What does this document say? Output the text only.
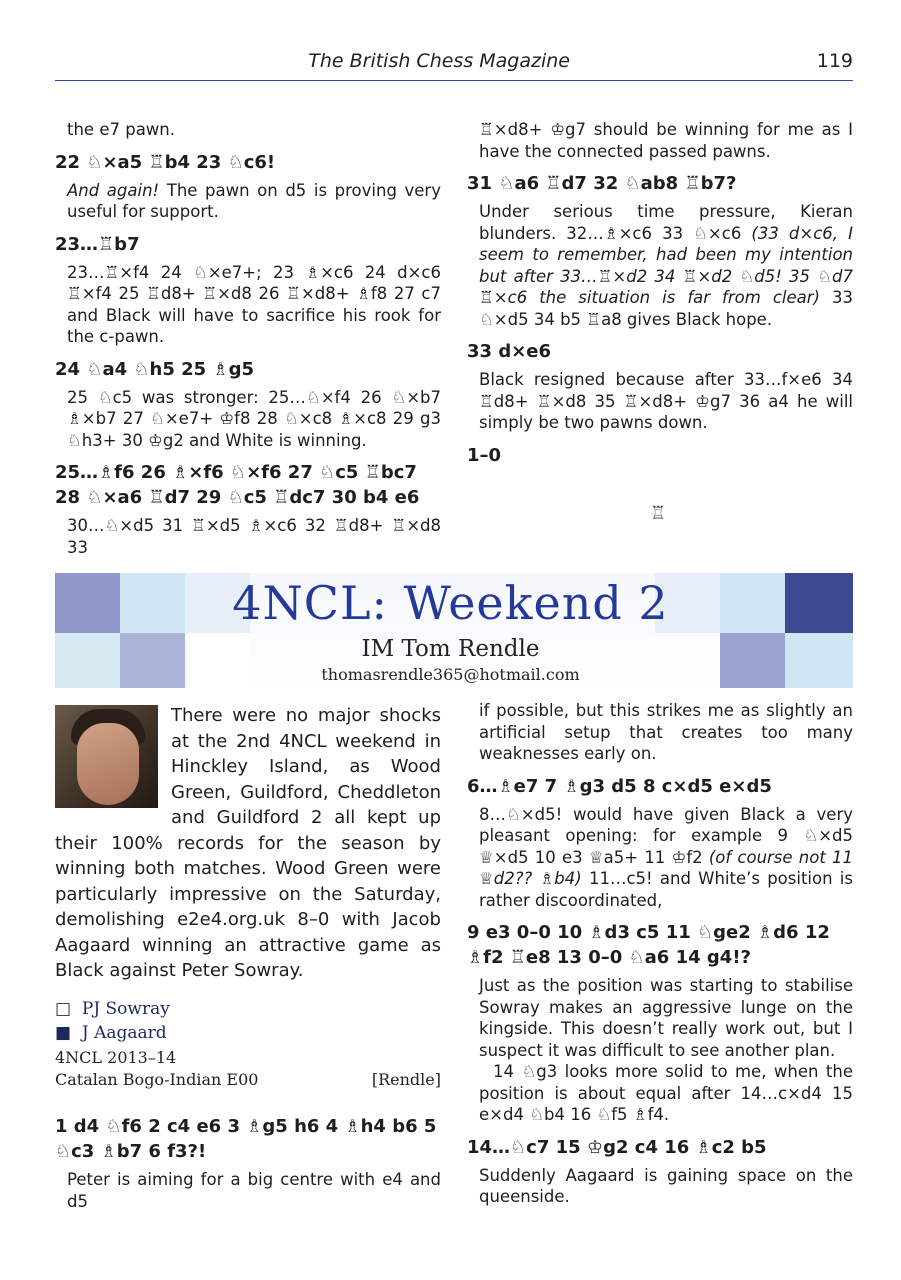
The British Chess Magazine	119

the e7 pawn.

22 ♘×a5 ♖b4 23 ♘c6!

And again! The pawn on d5 is proving very useful for support.

23…♖b7

23…♖×f4 24 ♘×e7+; 23 ♗×c6 24 d×c6 ♖×f4 25 ♖d8+ ♖×d8 26 ♖×d8+ ♗f8 27 c7 and Black will have to sacrifice his rook for the c-pawn.

24 ♘a4 ♘h5 25 ♗g5

25 ♘c5 was stronger: 25…♘×f4 26 ♘×b7 ♗×b7 27 ♘×e7+ ♔f8 28 ♘×c8 ♗×c8 29 g3 ♘h3+ 30 ♔g2 and White is winning.

25…♗f6 26 ♗×f6 ♘×f6 27 ♘c5 ♖bc7 28 ♘×a6 ♖d7 29 ♘c5 ♖dc7 30 b4 e6

30…♘×d5 31 ♖×d5 ♗×c6 32 ♖d8+ ♖×d8 33

♖×d8+ ♔g7 should be winning for me as I have the connected passed pawns.

31 ♘a6 ♖d7 32 ♘ab8 ♖b7?

Under serious time pressure, Kieran blunders. 32…♗×c6 33 ♘×c6 (33 d×c6, I seem to remember, had been my intention but after 33…♖×d2 34 ♖×d2 ♘d5! 35 ♘d7 ♖×c6 the situation is far from clear) 33 ♘×d5 34 b5 ♖a8 gives Black hope.

33 d×e6

Black resigned because after 33…f×e6 34 ♖d8+ ♖×d8 35 ♖×d8+ ♔g7 36 a4 he will simply be two pawns down.

1–0

♖
4NCL: Weekend 2
IM Tom Rendle
thomasrendle365@hotmail.com
There were no major shocks at the 2nd 4NCL weekend in Hinckley Island, as Wood Green, Guildford, Cheddleton and Guildford 2 all kept up their 100% records for the season by winning both matches. Wood Green were particularly impressive on the Saturday, demolishing e2e4.org.uk 8–0 with Jacob Aagaard winning an attractive game as Black against Peter Sowray.
□ PJ Sowray
■ J Aagaard
4NCL 2013–14
Catalan Bogo-Indian E00	[Rendle]

1 d4 ♘f6 2 c4 e6 3 ♗g5 h6 4 ♗h4 b6 5 ♘c3 ♗b7 6 f3?!

Peter is aiming for a big centre with e4 and d5

if possible, but this strikes me as slightly an artificial setup that creates too many weaknesses early on.

6…♗e7 7 ♗g3 d5 8 c×d5 e×d5

8…♘×d5! would have given Black a very pleasant opening: for example 9 ♘×d5 ♕×d5 10 e3 ♕a5+ 11 ♔f2 (of course not 11 ♕d2?? ♗b4) 11…c5! and White’s position is rather discoordinated,

9 e3 0–0 10 ♗d3 c5 11 ♘ge2 ♗d6 12 ♗f2 ♖e8 13 0–0 ♘a6 14 g4!?

Just as the position was starting to stabilise Sowray makes an aggressive lunge on the kingside. This doesn’t really work out, but I suspect it was difficult to see another plan.

14 ♘g3 looks more solid to me, when the position is about equal after 14…c×d4 15 e×d4 ♘b4 16 ♘f5 ♗f4.

14…♘c7 15 ♔g2 c4 16 ♗c2 b5

Suddenly Aagaard is gaining space on the queenside.
